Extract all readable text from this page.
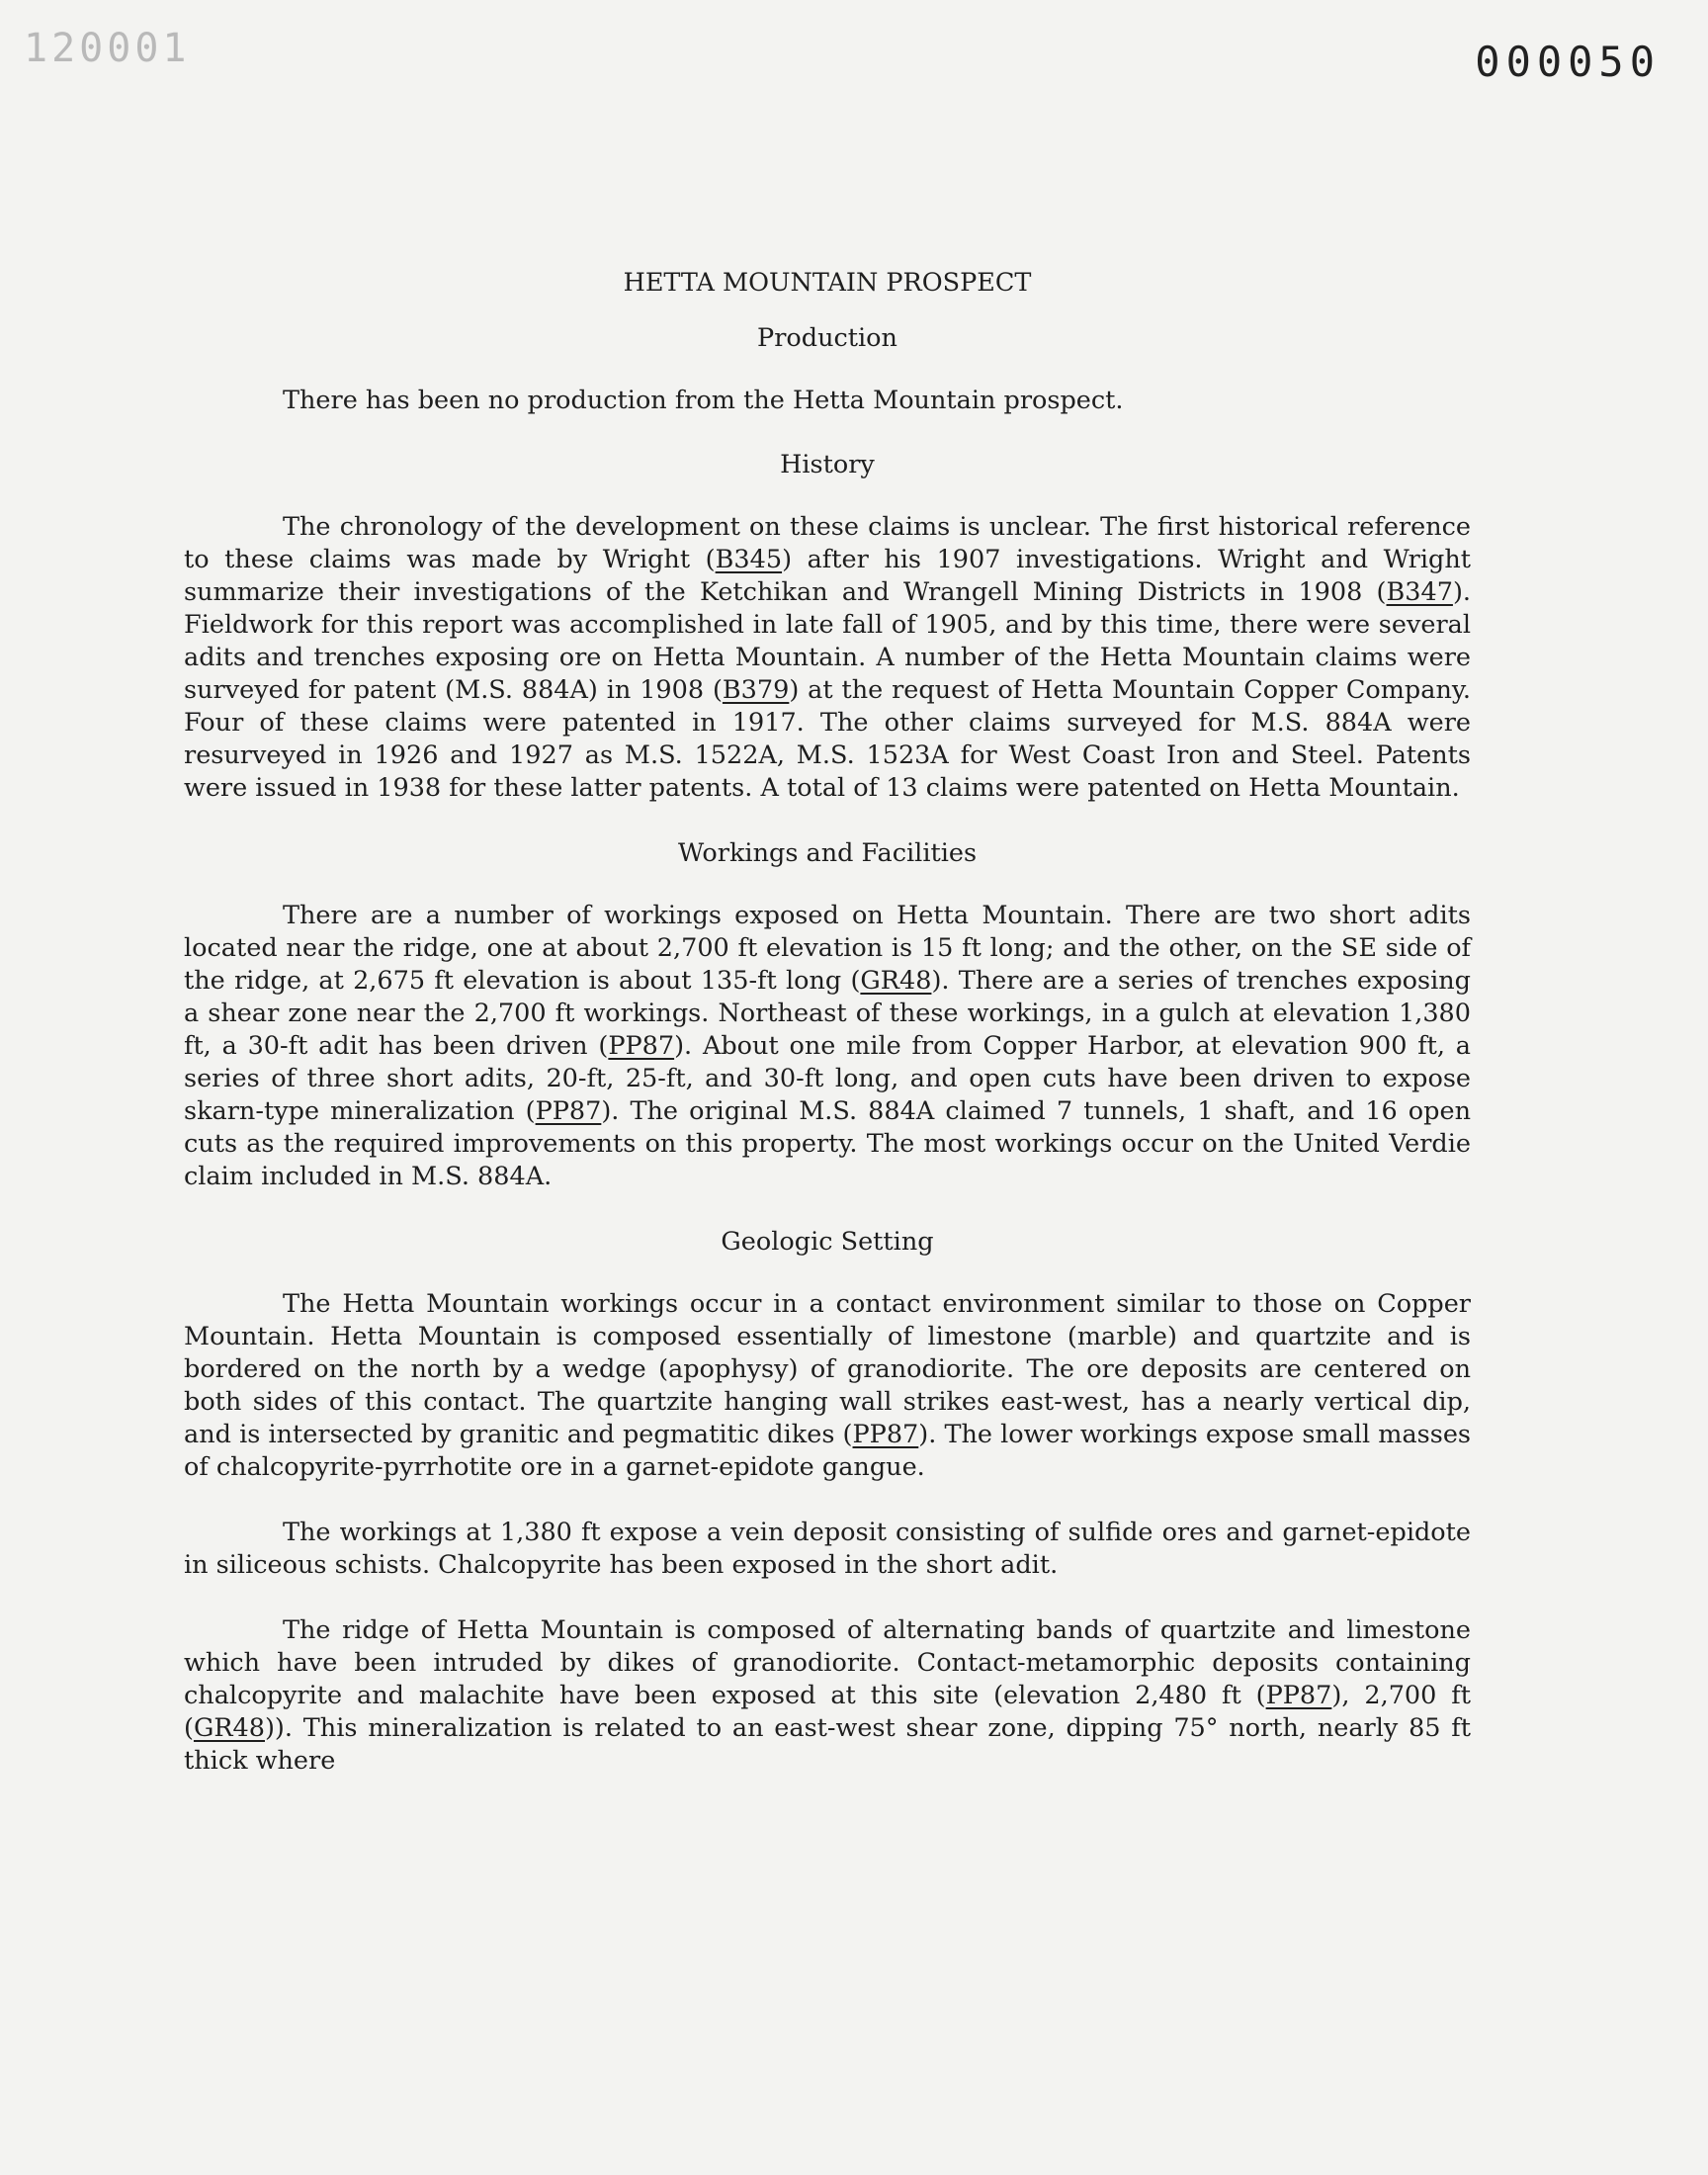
120001	000050
HETTA MOUNTAIN PROSPECT
Production

There has been no production from the Hetta Mountain prospect.

History

The chronology of the development on these claims is unclear. The first historical reference to these claims was made by Wright (B345) after his 1907 investigations. Wright and Wright summarize their investigations of the Ketchikan and Wrangell Mining Districts in 1908 (B347). Fieldwork for this report was accomplished in late fall of 1905, and by this time, there were several adits and trenches exposing ore on Hetta Mountain. A number of the Hetta Mountain claims were surveyed for patent (M.S. 884A) in 1908 (B379) at the request of Hetta Mountain Copper Company. Four of these claims were patented in 1917. The other claims surveyed for M.S. 884A were resurveyed in 1926 and 1927 as M.S. 1522A, M.S. 1523A for West Coast Iron and Steel. Patents were issued in 1938 for these latter patents. A total of 13 claims were patented on Hetta Mountain.

Workings and Facilities

There are a number of workings exposed on Hetta Mountain. There are two short adits located near the ridge, one at about 2,700 ft elevation is 15 ft long; and the other, on the SE side of the ridge, at 2,675 ft elevation is about 135-ft long (GR48). There are a series of trenches exposing a shear zone near the 2,700 ft workings. Northeast of these workings, in a gulch at elevation 1,380 ft, a 30-ft adit has been driven (PP87). About one mile from Copper Harbor, at elevation 900 ft, a series of three short adits, 20-ft, 25-ft, and 30-ft long, and open cuts have been driven to expose skarn-type mineralization (PP87). The original M.S. 884A claimed 7 tunnels, 1 shaft, and 16 open cuts as the required improvements on this property. The most workings occur on the United Verdie claim included in M.S. 884A.

Geologic Setting

The Hetta Mountain workings occur in a contact environment similar to those on Copper Mountain. Hetta Mountain is composed essentially of limestone (marble) and quartzite and is bordered on the north by a wedge (apophysy) of granodiorite. The ore deposits are centered on both sides of this contact. The quartzite hanging wall strikes east-west, has a nearly vertical dip, and is intersected by granitic and pegmatitic dikes (PP87). The lower workings expose small masses of chalcopyrite-pyrrhotite ore in a garnet-epidote gangue.

The workings at 1,380 ft expose a vein deposit consisting of sulfide ores and garnet-epidote in siliceous schists. Chalcopyrite has been exposed in the short adit.

The ridge of Hetta Mountain is composed of alternating bands of quartzite and limestone which have been intruded by dikes of granodiorite. Contact-metamorphic deposits containing chalcopyrite and malachite have been exposed at this site (elevation 2,480 ft (PP87), 2,700 ft (GR48)). This mineralization is related to an east-west shear zone, dipping 75° north, nearly 85 ft thick where
